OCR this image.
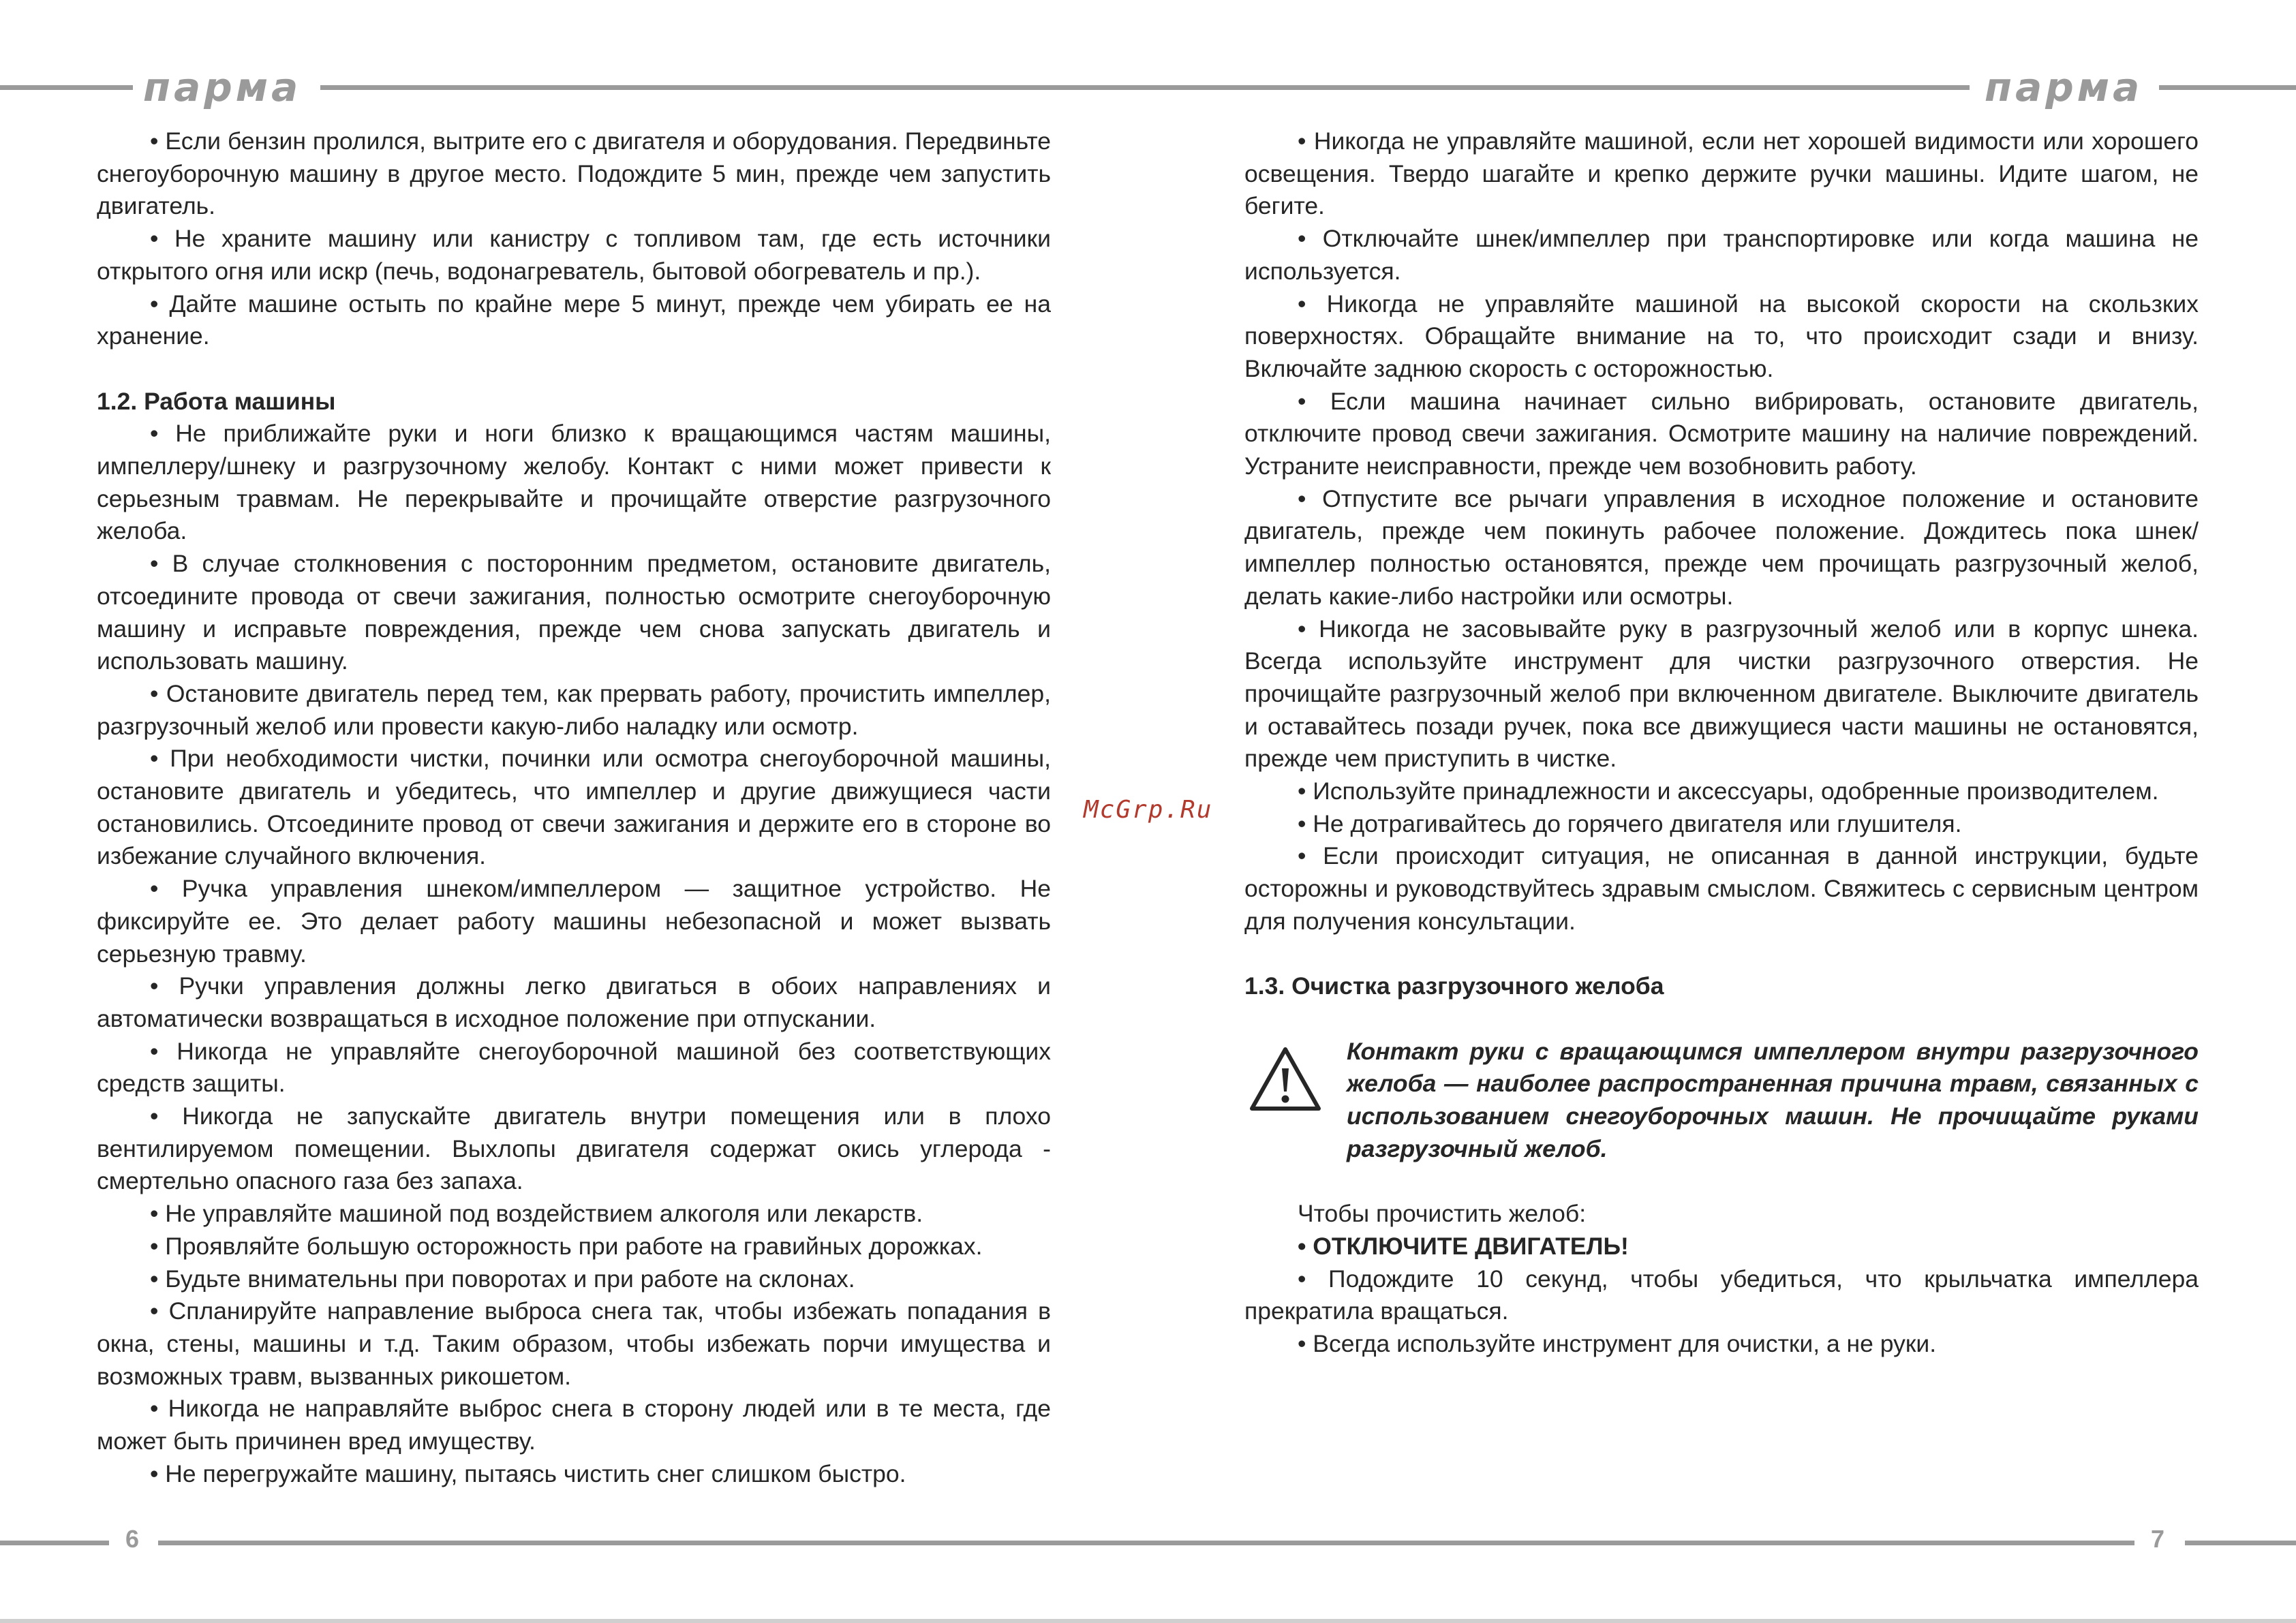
парма	парма

• Если бензин пролился, вытрите его с двигателя и оборудования. Передвиньте снегоуборочную машину в другое место. Подождите 5 мин, прежде чем запустить двигатель.

• Не храните машину или канистру с топливом там, где есть источники открытого огня или искр (печь, водонагреватель, бытовой обогреватель и пр.).

• Дайте машине остыть по крайне мере 5 минут, прежде чем убирать ее на хранение.

1.2. Работа машины

• Не приближайте руки и ноги близко к вращающимся частям машины, импеллеру/шнеку и разгрузочному желобу. Контакт с ними может привести к серьезным травмам. Не перекрывайте и прочищайте отверстие разгрузочного желоба.

• В случае столкновения с посторонним предметом, остановите двигатель, отсоедините провода от свечи зажигания, полностью осмотрите снегоуборочную машину и исправьте повреждения, прежде чем снова запускать двигатель и использовать машину.

• Остановите двигатель перед тем, как прервать работу, прочистить импеллер, разгрузочный желоб или провести какую-либо наладку или осмотр.

• При необходимости чистки, починки или осмотра снегоуборочной машины, остановите двигатель и убедитесь, что импеллер и другие движущиеся части остановились. Отсоедините провод от свечи зажигания и держите его в стороне во избежание случайного включения.

• Ручка управления шнеком/импеллером — защитное устройство. Не фиксируйте ее. Это делает работу машины небезопасной и может вызвать серьезную травму.

• Ручки управления должны легко двигаться в обоих направлениях и автоматически возвращаться в исходное положение при отпускании.

• Никогда не управляйте снегоуборочной машиной без соответствующих средств защиты.

• Никогда не запускайте двигатель внутри помещения или в плохо вентилируемом помещении. Выхлопы двигателя содержат окись углерода - смертельно опасного газа без запаха.

• Не управляйте машиной под воздействием алкоголя или лекарств.

• Проявляйте большую осторожность при работе на гравийных дорожках.

• Будьте внимательны при поворотах и при работе на склонах.

• Спланируйте направление выброса снега так, чтобы избежать попадания в окна, стены, машины и т.д. Таким образом, чтобы избежать порчи имущества и возможных травм, вызванных рикошетом.

• Никогда не направляйте выброс снега в сторону людей или в те места, где может быть причинен вред имуществу.

• Не перегружайте машину, пытаясь чистить снег слишком быстро.

McGrp.Ru

• Никогда не управляйте машиной, если нет хорошей видимости или хорошего освещения. Твердо шагайте и крепко держите ручки машины. Идите шагом, не бегите.

• Отключайте шнек/импеллер при транспортировке или когда машина не используется.

• Никогда не управляйте машиной на высокой скорости на скользких поверхностях. Обращайте внимание на то, что происходит сзади и внизу. Включайте заднюю скорость с осторожностью.

• Если машина начинает сильно вибрировать, остановите двигатель, отключите провод свечи зажигания. Осмотрите машину на наличие повреждений. Устраните неисправности, прежде чем возобновить работу.

• Отпустите все рычаги управления в исходное положение и остановите двигатель, прежде чем покинуть рабочее положение. Дождитесь пока шнек/импеллер полностью остановятся, прежде чем прочищать разгрузочный желоб, делать какие-либо настройки или осмотры.

• Никогда не засовывайте руку в разгрузочный желоб или в корпус шнека. Всегда используйте инструмент для чистки разгрузочного отверстия. Не прочищайте разгрузочный желоб при включенном двигателе. Выключите двигатель и оставайтесь позади ручек, пока все движущиеся части машины не остановятся, прежде чем приступить в чистке.

• Используйте принадлежности и аксессуары, одобренные производителем.

• Не дотрагивайтесь до горячего двигателя или глушителя.

• Если происходит ситуация, не описанная в данной инструкции, будьте осторожны и руководствуйтесь здравым смыслом. Свяжитесь с сервисным центром для получения консультации.

1.3. Очистка разгрузочного желоба
Контакт руки с вращающимся импеллером внутри разгрузочного желоба — наиболее распространенная причина травм, связанных с использованием снегоуборочных машин. Не прочищайте руками разгрузочный желоб.

Чтобы прочистить желоб:

• ОТКЛЮЧИТЕ ДВИГАТЕЛЬ!

• Подождите 10 секунд, чтобы убедиться, что крыльчатка импеллера прекратила вращаться.

• Всегда используйте инструмент для очистки, а не руки.

6	7
